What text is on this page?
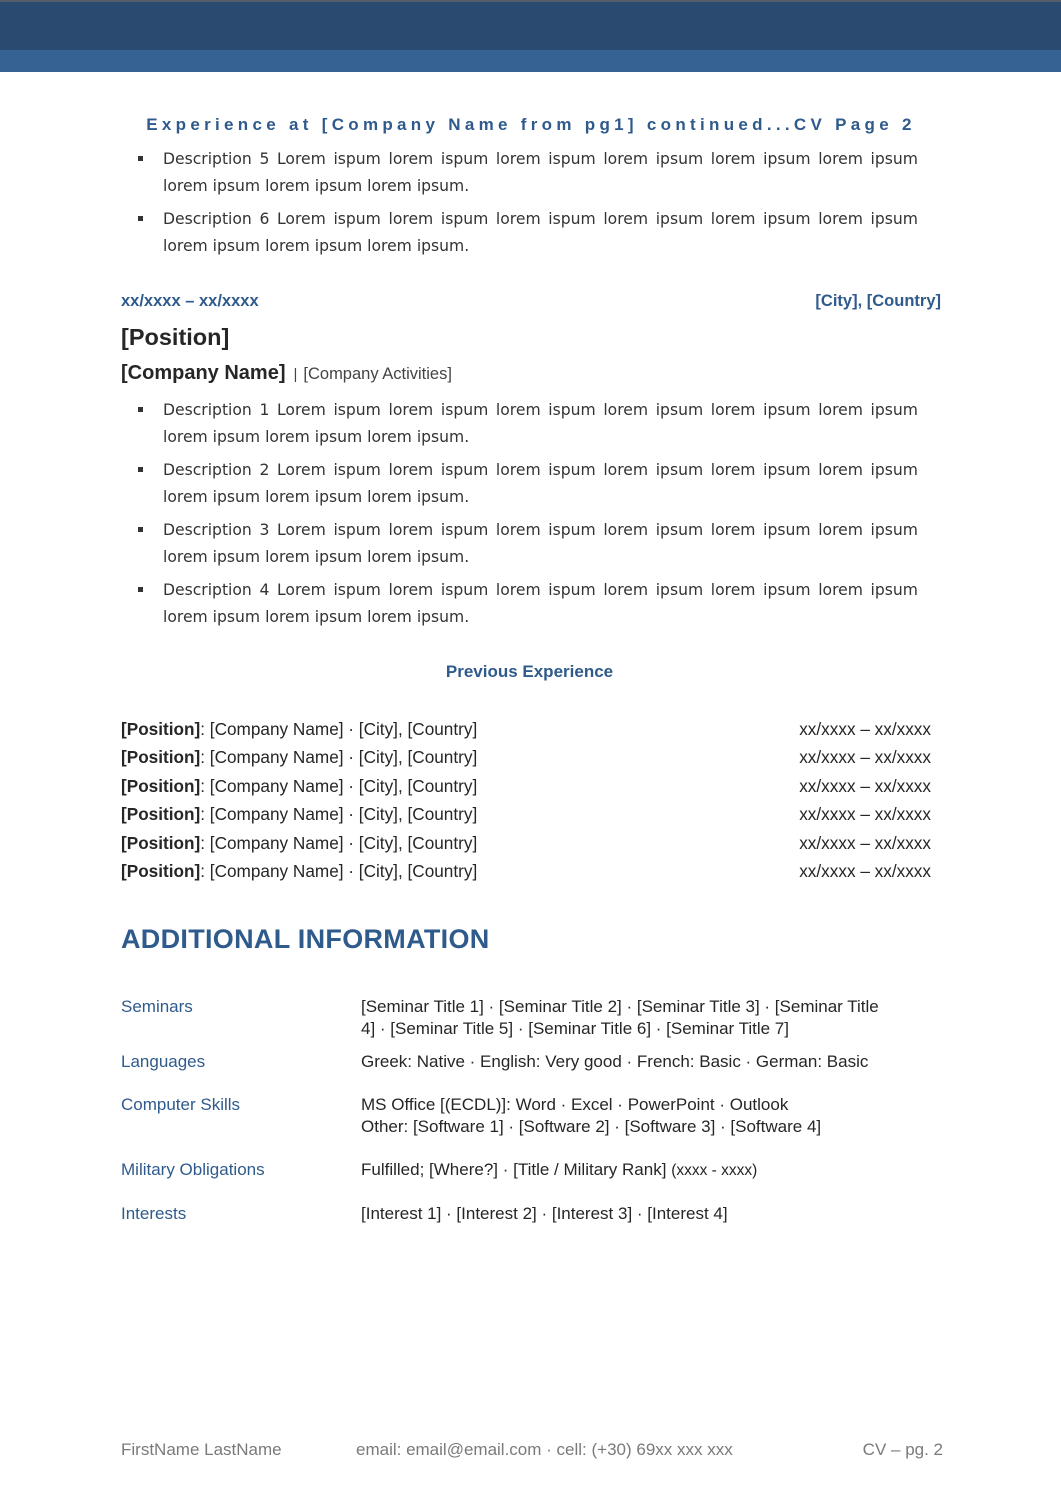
Experience at [Company Name from pg1] continued...CV Page 2
Description 5 Lorem ispum lorem ispum lorem ispum lorem ipsum lorem ipsum lorem ipsum lorem ipsum lorem ipsum lorem ipsum.
Description 6 Lorem ispum lorem ispum lorem ispum lorem ipsum lorem ipsum lorem ipsum lorem ipsum lorem ipsum lorem ipsum.
xx/xxxx – xx/xxxx	[City], [Country]
[Position]
[Company Name] | [Company Activities]
Description 1 Lorem ispum lorem ispum lorem ispum lorem ipsum lorem ipsum lorem ipsum lorem ipsum lorem ipsum lorem ipsum.
Description 2 Lorem ispum lorem ispum lorem ispum lorem ipsum lorem ipsum lorem ipsum lorem ipsum lorem ipsum lorem ipsum.
Description 3 Lorem ispum lorem ispum lorem ispum lorem ipsum lorem ipsum lorem ipsum lorem ipsum lorem ipsum lorem ipsum.
Description 4 Lorem ispum lorem ispum lorem ispum lorem ipsum lorem ipsum lorem ipsum lorem ipsum lorem ipsum lorem ipsum.
Previous Experience
[Position]: [Company Name] · [City], [Country]	xx/xxxx – xx/xxxx
[Position]: [Company Name] · [City], [Country]	xx/xxxx – xx/xxxx
[Position]: [Company Name] · [City], [Country]	xx/xxxx – xx/xxxx
[Position]: [Company Name] · [City], [Country]	xx/xxxx – xx/xxxx
[Position]: [Company Name] · [City], [Country]	xx/xxxx – xx/xxxx
[Position]: [Company Name] · [City], [Country]	xx/xxxx – xx/xxxx
ADDITIONAL INFORMATION
Seminars	[Seminar Title 1] · [Seminar Title 2] · [Seminar Title 3] · [Seminar Title
4] · [Seminar Title 5] · [Seminar Title 6] · [Seminar Title 7]
Languages	Greek: Native · English: Very good · French: Basic · German: Basic
Computer Skills	MS Office [(ECDL)]: Word · Excel · PowerPoint · Outlook
Other: [Software 1] · [Software 2] · [Software 3] · [Software 4]
Military Obligations	Fulfilled; [Where?] · [Title / Military Rank] (xxxx - xxxx)
Interests	[Interest 1] · [Interest 2] · [Interest 3] · [Interest 4]
FirstName LastName	email: email@email.com · cell: (+30) 69xx xxx xxx	CV – pg. 2
